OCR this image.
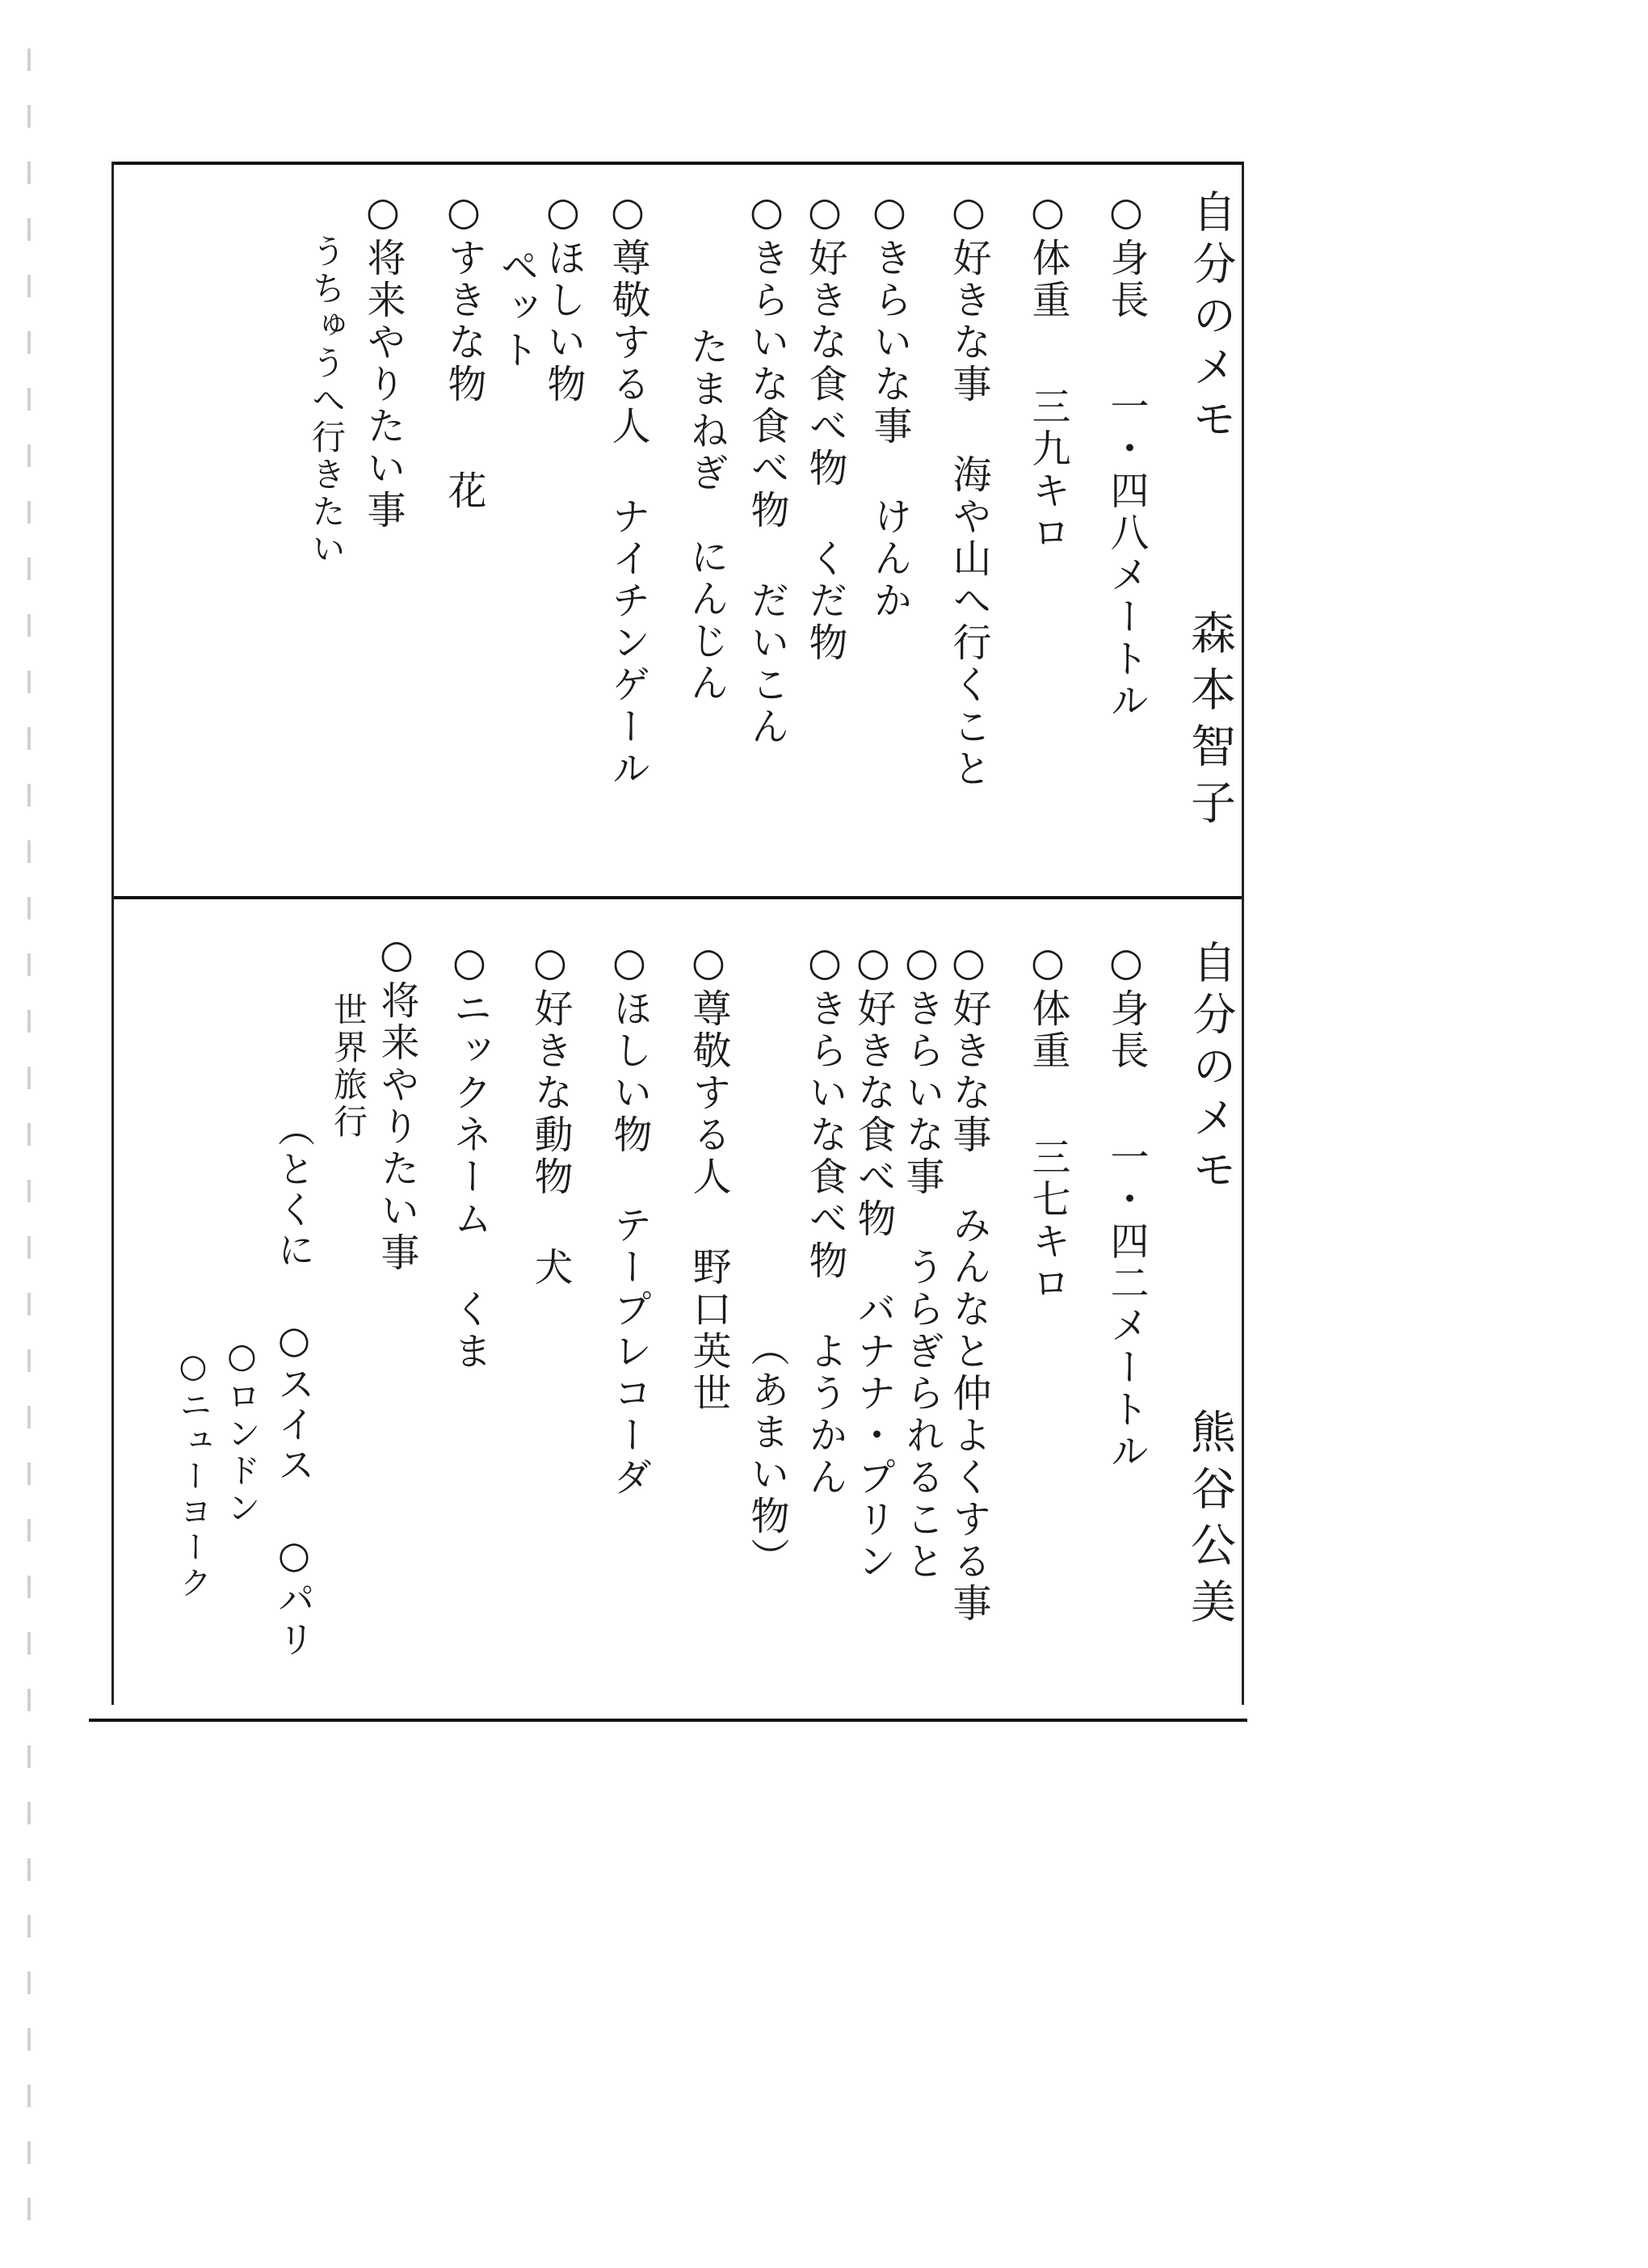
自分のメモ
森本智子
○身長一・四八メートル
○体重三九キロ
○好きな事海や山へ行くこと
○きらいな事けんか
○好きな食べ物くだ物
○きらいな食べ物だいこん
たまねぎ　にんじん
○尊敬する人ナイチンゲール
○ほしい物
ペット
○すきな物花
○将来やりたい事
うちゅうへ行きたい
自分のメモ
熊谷公美
○身長一・四二メートル
○体重三七キロ
○好きな事みんなと仲よくする事
○きらいな事うらぎられること
○好きな食べ物バナナ・プリン
○きらいな食べ物ようかん
（あまい物）
○尊敬する人野口英世
○ほしい物テープレコーダ
○好きな動物犬
○ニックネームくま
○将来やりたい事
世界旅行
（とくに ○スイス ○パリ
○ロンドン
○ニューヨーク
